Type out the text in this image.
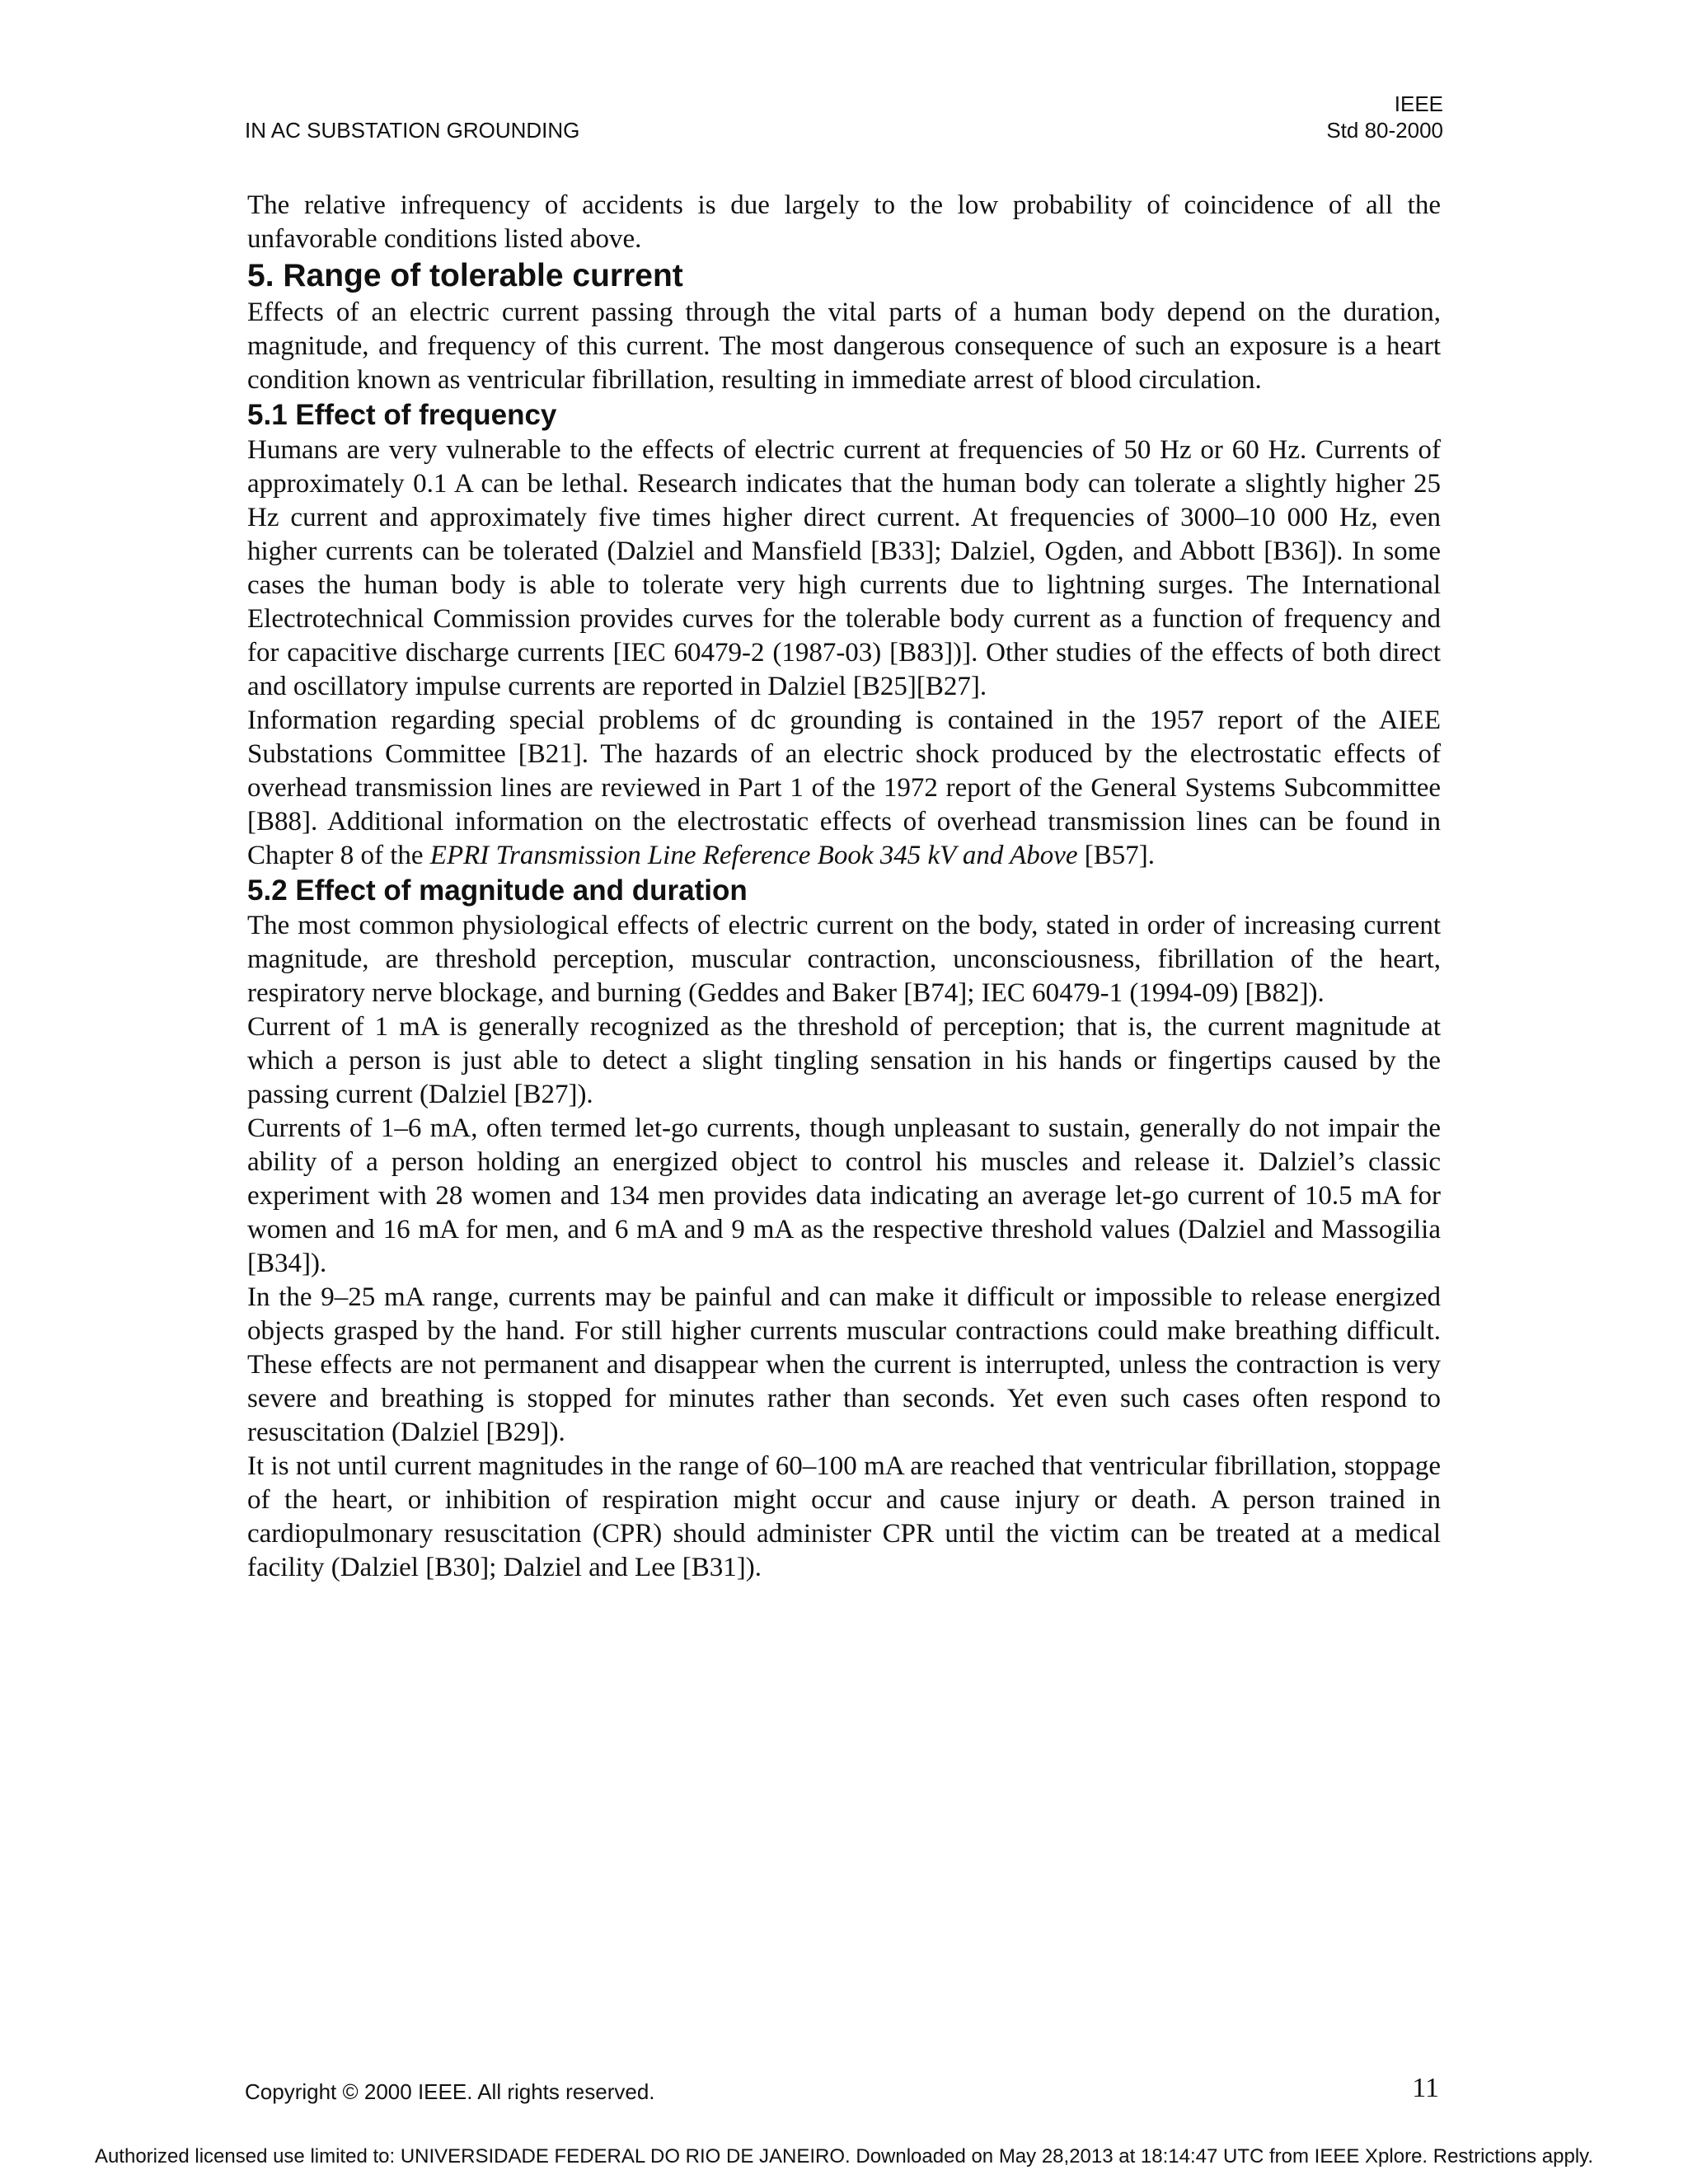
IN AC SUBSTATION GROUNDING
IEEE
Std 80-2000

The relative infrequency of accidents is due largely to the low probability of coincidence of all the unfavorable conditions listed above.

5. Range of tolerable current

Effects of an electric current passing through the vital parts of a human body depend on the duration, magnitude, and frequency of this current. The most dangerous consequence of such an exposure is a heart condition known as ventricular fibrillation, resulting in immediate arrest of blood circulation.

5.1 Effect of frequency

Humans are very vulnerable to the effects of electric current at frequencies of 50 Hz or 60 Hz. Currents of approximately 0.1 A can be lethal. Research indicates that the human body can tolerate a slightly higher 25 Hz current and approximately five times higher direct current. At frequencies of 3000–10 000 Hz, even higher currents can be tolerated (Dalziel and Mansfield [B33]; Dalziel, Ogden, and Abbott [B36]). In some cases the human body is able to tolerate very high currents due to lightning surges. The International Electrotechnical Commission provides curves for the tolerable body current as a function of frequency and for capacitive discharge currents [IEC 60479-2 (1987-03) [B83])]. Other studies of the effects of both direct and oscillatory impulse currents are reported in Dalziel [B25][B27].

Information regarding special problems of dc grounding is contained in the 1957 report of the AIEE Substations Committee [B21]. The hazards of an electric shock produced by the electrostatic effects of overhead transmission lines are reviewed in Part 1 of the 1972 report of the General Systems Subcommittee [B88]. Additional information on the electrostatic effects of overhead transmission lines can be found in Chapter 8 of the EPRI Transmission Line Reference Book 345 kV and Above [B57].

5.2 Effect of magnitude and duration

The most common physiological effects of electric current on the body, stated in order of increasing current magnitude, are threshold perception, muscular contraction, unconsciousness, fibrillation of the heart, respiratory nerve blockage, and burning (Geddes and Baker [B74]; IEC 60479-1 (1994-09) [B82]).

Current of 1 mA is generally recognized as the threshold of perception; that is, the current magnitude at which a person is just able to detect a slight tingling sensation in his hands or fingertips caused by the passing current (Dalziel [B27]).

Currents of 1–6 mA, often termed let-go currents, though unpleasant to sustain, generally do not impair the ability of a person holding an energized object to control his muscles and release it. Dalziel’s classic experiment with 28 women and 134 men provides data indicating an average let-go current of 10.5 mA for women and 16 mA for men, and 6 mA and 9 mA as the respective threshold values (Dalziel and Massogilia [B34]).

In the 9–25 mA range, currents may be painful and can make it difficult or impossible to release energized objects grasped by the hand. For still higher currents muscular contractions could make breathing difficult. These effects are not permanent and disappear when the current is interrupted, unless the contraction is very severe and breathing is stopped for minutes rather than seconds. Yet even such cases often respond to resuscitation (Dalziel [B29]).

It is not until current magnitudes in the range of 60–100 mA are reached that ventricular fibrillation, stoppage of the heart, or inhibition of respiration might occur and cause injury or death. A person trained in cardiopulmonary resuscitation (CPR) should administer CPR until the victim can be treated at a medical facility (Dalziel [B30]; Dalziel and Lee [B31]).

Copyright © 2000 IEEE. All rights reserved.	11
Authorized licensed use limited to: UNIVERSIDADE FEDERAL DO RIO DE JANEIRO. Downloaded on May 28,2013 at 18:14:47 UTC from IEEE Xplore. Restrictions apply.
